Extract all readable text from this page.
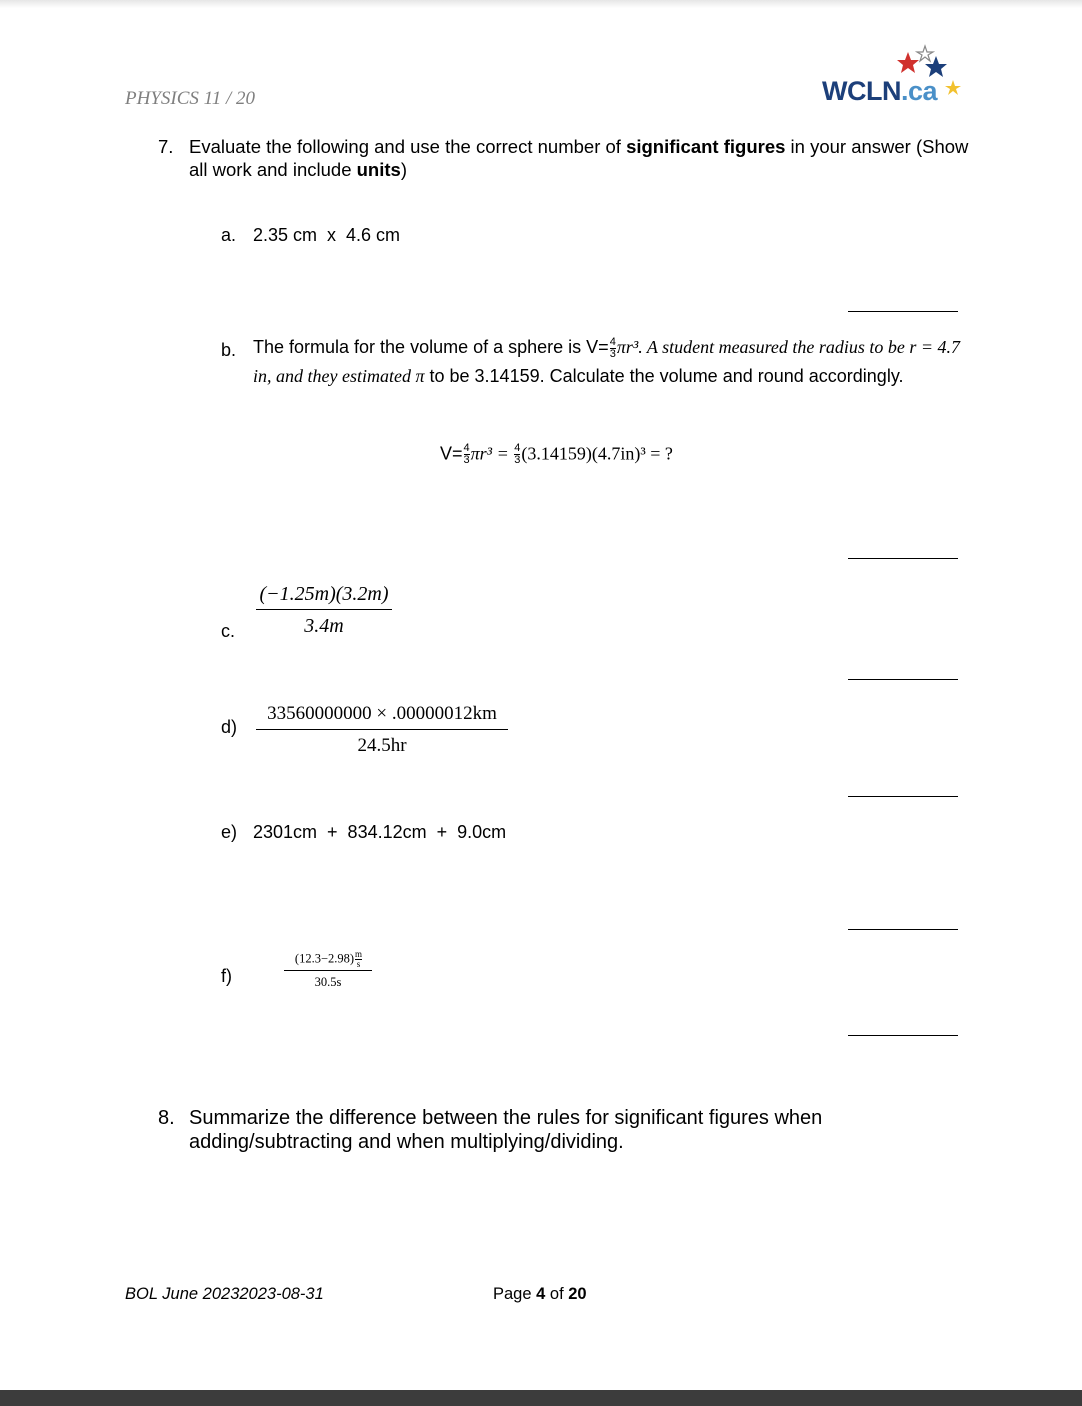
PHYSICS 11 / 20	WCLN.ca
7. Evaluate the following and use the correct number of significant figures in your answer (Show all work and include units)
a. 2.35 cm  x  4.6 cm
b. The formula for the volume of a sphere is $V= \frac{4}{3} \pi r^3$. A student measured the radius to be r = 4.7 in, and they estimated π to be 3.14159. Calculate the volume and round accordingly.
$V= \frac{4}{3} \pi r^3 = \frac{4}{3} (3.14159)(4.7in)^3$ = ?
c. $\frac{(-1.25m)(3.2m)}{3.4m}$
$d) \frac{33560000000 \times .00000012km}{24.5hr}$
e) 2301cm  +  834.12cm  +  9.0cm
f)	$\frac{(12.3-2.98) \frac{m}{s}}{30.5s}$
8. Summarize the difference between the rules for significant figures when adding/subtracting and when multiplying/dividing.
BOL June 20232023-08-31	Page 4 of 20
